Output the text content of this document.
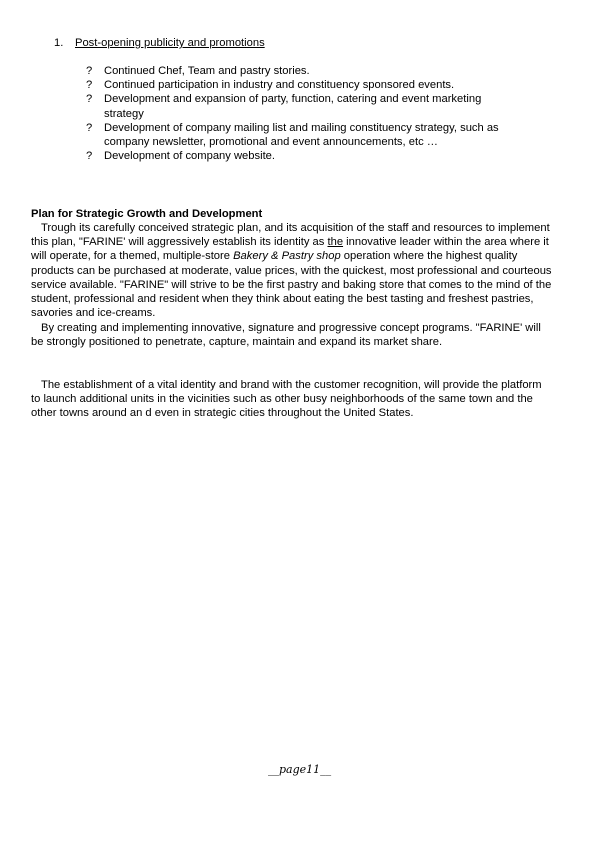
1. Post-opening publicity and promotions
? Continued Chef, Team and pastry stories.
? Continued participation in industry and constituency sponsored events.
? Development and expansion of party, function, catering and event marketing strategy
? Development of company mailing list and mailing constituency strategy, such as company newsletter, promotional and event announcements, etc …
? Development of company website.
Plan for Strategic Growth and Development

Trough its carefully conceived strategic plan, and its acquisition of the staff and resources to implement this plan, "FARINE' will aggressively establish its identity as the innovative leader within the area where it will operate, for a themed, multiple-store Bakery & Pastry shop operation where the highest quality products can be purchased at moderate, value prices, with the quickest, most professional and courteous service available. "FARINE" will strive to be the first pastry and baking store that comes to the mind of the student, professional and resident when they think about eating the best tasting and freshest pastries, savories and ice-creams.

By creating and implementing innovative, signature and progressive concept programs. "FARINE' will be strongly positioned to penetrate, capture, maintain and expand its market share.

The establishment of a vital identity and brand with the customer recognition, will provide the platform to launch additional units in the vicinities such as other busy neighborhoods of the same town and the other towns around an d even in strategic cities throughout the United States.

__page11__
